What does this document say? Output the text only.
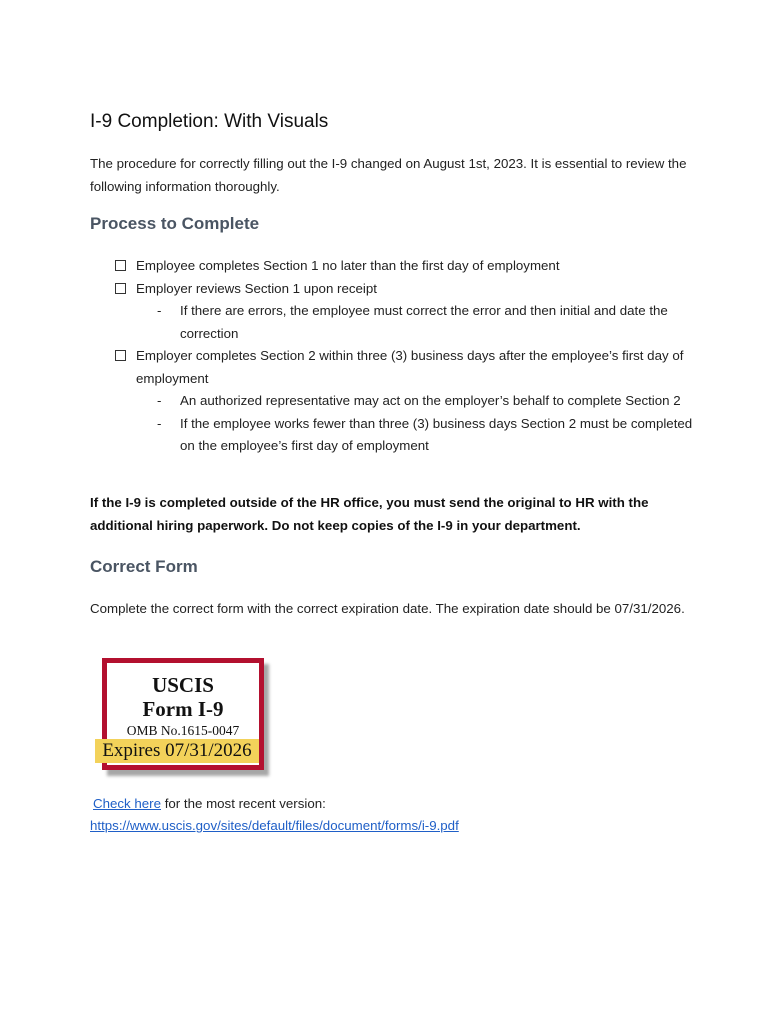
I-9 Completion: With Visuals
The procedure for correctly filling out the I-9 changed on August 1st, 2023. It is essential to review the following information thoroughly.
Process to Complete
Employee completes Section 1 no later than the first day of employment
Employer reviews Section 1 upon receipt
- If there are errors, the employee must correct the error and then initial and date the correction
Employer completes Section 2 within three (3) business days after the employee’s first day of employment
- An authorized representative may act on the employer’s behalf to complete Section 2
- If the employee works fewer than three (3) business days Section 2 must be completed on the employee’s first day of employment
If the I-9 is completed outside of the HR office, you must send the original to HR with the additional hiring paperwork. Do not keep copies of the I-9 in your department.
Correct Form
Complete the correct form with the correct expiration date. The expiration date should be 07/31/2026.
USCIS
Form I-9
OMB No.1615-0047
Expires 07/31/2026
Check here for the most recent version:
https://www.uscis.gov/sites/default/files/document/forms/i-9.pdf
